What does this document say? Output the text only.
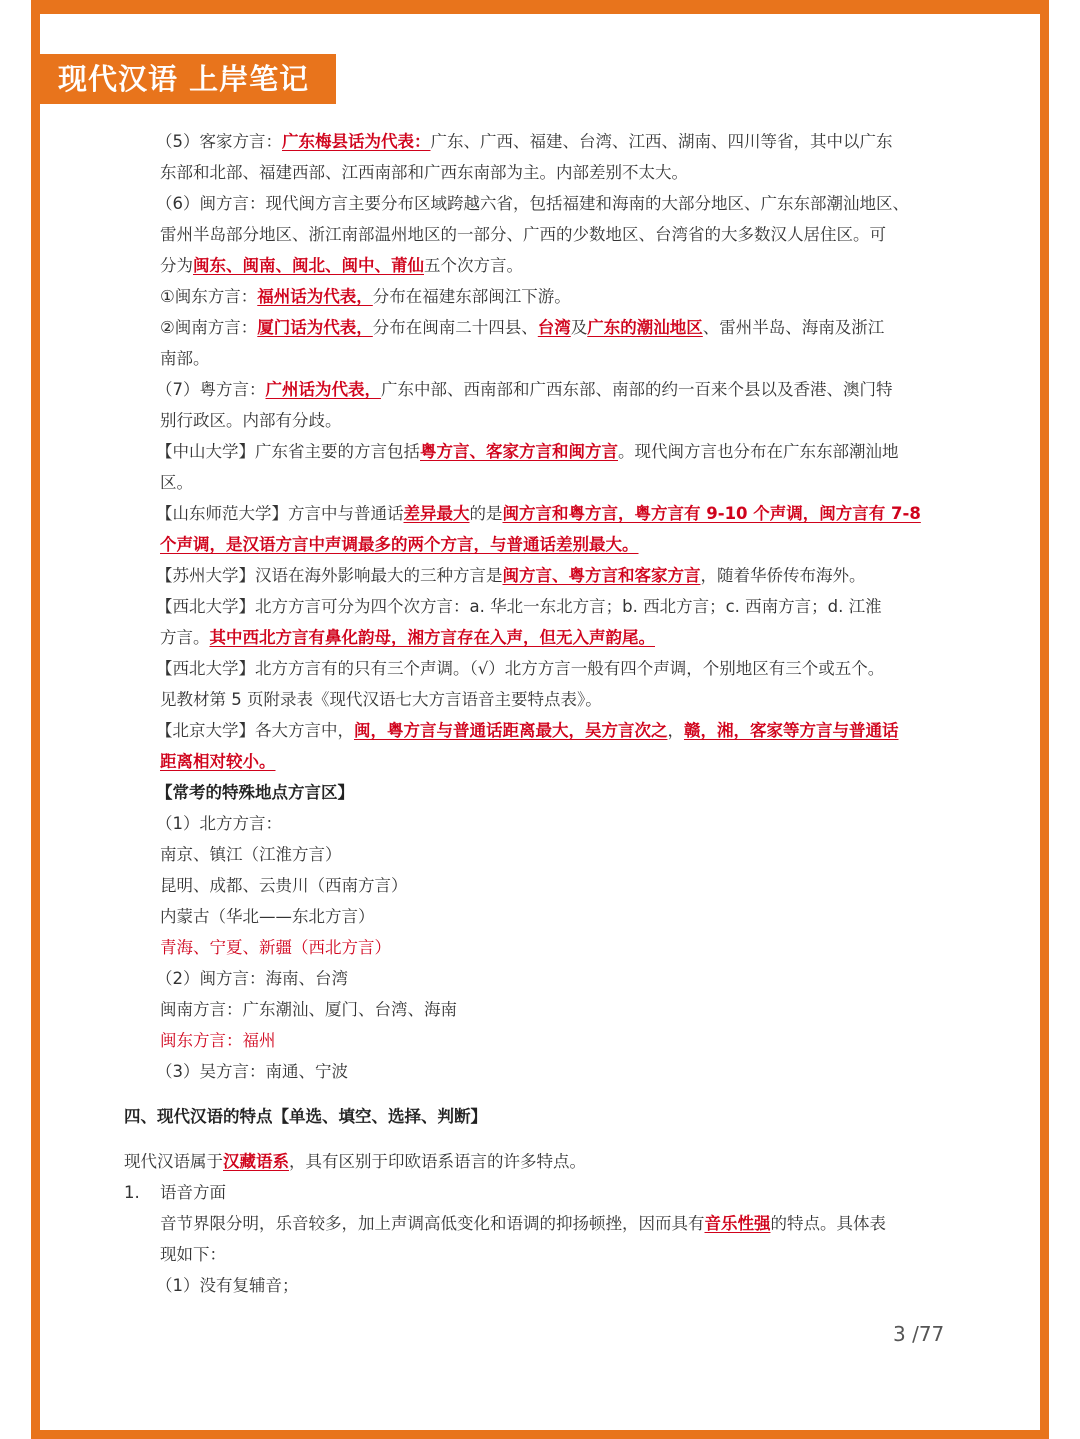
现代汉语 上岸笔记
（5）客家方言：广东梅县话为代表：广东、广西、福建、台湾、江西、湖南、四川等省，其中以广东
东部和北部、福建西部、江西南部和广西东南部为主。内部差别不太大。
（6）闽方言：现代闽方言主要分布区域跨越六省，包括福建和海南的大部分地区、广东东部潮汕地区、
雷州半岛部分地区、浙江南部温州地区的一部分、广西的少数地区、台湾省的大多数汉人居住区。可
分为闽东、闽南、闽北、闽中、莆仙五个次方言。
①闽东方言：福州话为代表，分布在福建东部闽江下游。
②闽南方言：厦门话为代表，分布在闽南二十四县、台湾及广东的潮汕地区、雷州半岛、海南及浙江
南部。
（7）粤方言：广州话为代表，广东中部、西南部和广西东部、南部的约一百来个县以及香港、澳门特
别行政区。内部有分歧。
【中山大学】广东省主要的方言包括粤方言、客家方言和闽方言。现代闽方言也分布在广东东部潮汕地
区。
【山东师范大学】方言中与普通话差异最大的是闽方言和粤方言，粤方言有 9-10 个声调，闽方言有 7-8
个声调，是汉语方言中声调最多的两个方言，与普通话差别最大。
【苏州大学】汉语在海外影响最大的三种方言是闽方言、粤方言和客家方言，随着华侨传布海外。
【西北大学】北方方言可分为四个次方言：a. 华北一东北方言；b. 西北方言；c. 西南方言；d. 江淮
方言。其中西北方言有鼻化韵母，湘方言存在入声，但无入声韵尾。
【西北大学】北方方言有的只有三个声调。（√）北方方言一般有四个声调，个别地区有三个或五个。
见教材第 5 页附录表《现代汉语七大方言语音主要特点表》。
【北京大学】各大方言中，闽，粤方言与普通话距离最大，吴方言次之，赣，湘，客家等方言与普通话
距离相对较小。
【常考的特殊地点方言区】
（1）北方方言：
南京、镇江（江淮方言）
昆明、成都、云贵川（西南方言）
内蒙古（华北——东北方言）
青海、宁夏、新疆（西北方言）
（2）闽方言：海南、台湾
闽南方言：广东潮汕、厦门、台湾、海南
闽东方言：福州
（3）吴方言：南通、宁波
四、现代汉语的特点【单选、填空、选择、判断】
现代汉语属于汉藏语系，具有区别于印欧语系语言的许多特点。
1. 语音方面
音节界限分明，乐音较多，加上声调高低变化和语调的抑扬顿挫，因而具有音乐性强的特点。具体表
现如下：
（1）没有复辅音；
3 /77
